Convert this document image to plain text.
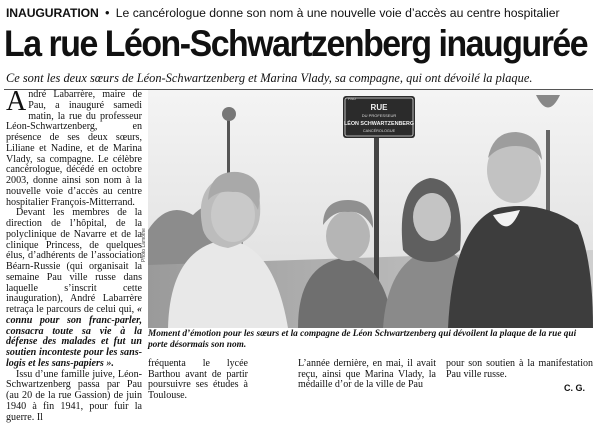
INAUGURATION • Le cancérologue donne son nom à une nouvelle voie d’accès au centre hospitalier
La rue Léon-Schwartzenberg inaugurée
Ce sont les deux sœurs de Léon-Schwartzenberg et Marina Vlady, sa compagne, qui ont dévoilé la plaque.

André Labarrère, maire de Pau, a inauguré samedi matin, la rue du professeur Léon-Schwartzenberg, en présence de ses deux sœurs, Liliane et Nadine, et de Marina Vlady, sa compagne. Le célèbre cancérologue, décédé en octobre 2003, donne ainsi son nom à la nouvelle voie d’accès au centre hospitalier François-Mitterrand.

Devant les membres de la direction de l’hôpital, de la polyclinique de Navarre et de la clinique Princess, de quelques élus, d’adhérents de l’association Béarn-Russie (qui organisait la semaine Pau ville russe dans laquelle s’inscrit cette inauguration), André Labarrère retraça le parcours de celui qui, « connu pour son franc-parler, consacra toute sa vie à la défense des malades et fut un soutien inconteste pour les sans-logis et les sans-papiers ».

Issu d’une famille juive, Léon-Schwartzenberg passa par Pau (au 20 de la rue Gassion) de juin 1940 à fin 1941, pour fuir la guerre. Il

PAU
RUE
DU PROFESSEUR
LÉON SCHWARTZENBERG
CANCÉROLOGUE
Photo Lamothe
Moment d’émotion pour les sœurs et la compagne de Léon Schwartzenberg qui dévoilent la plaque de la rue qui porte désormais son nom.
fréquenta le lycée Barthou avant de partir poursuivre ses études à Toulouse.
L’année dernière, en mai, il avait reçu, ainsi que Marina Vlady, la médaille d’or de la ville de Pau
pour son soutien à la manifestation Pau ville russe.
C. G.
